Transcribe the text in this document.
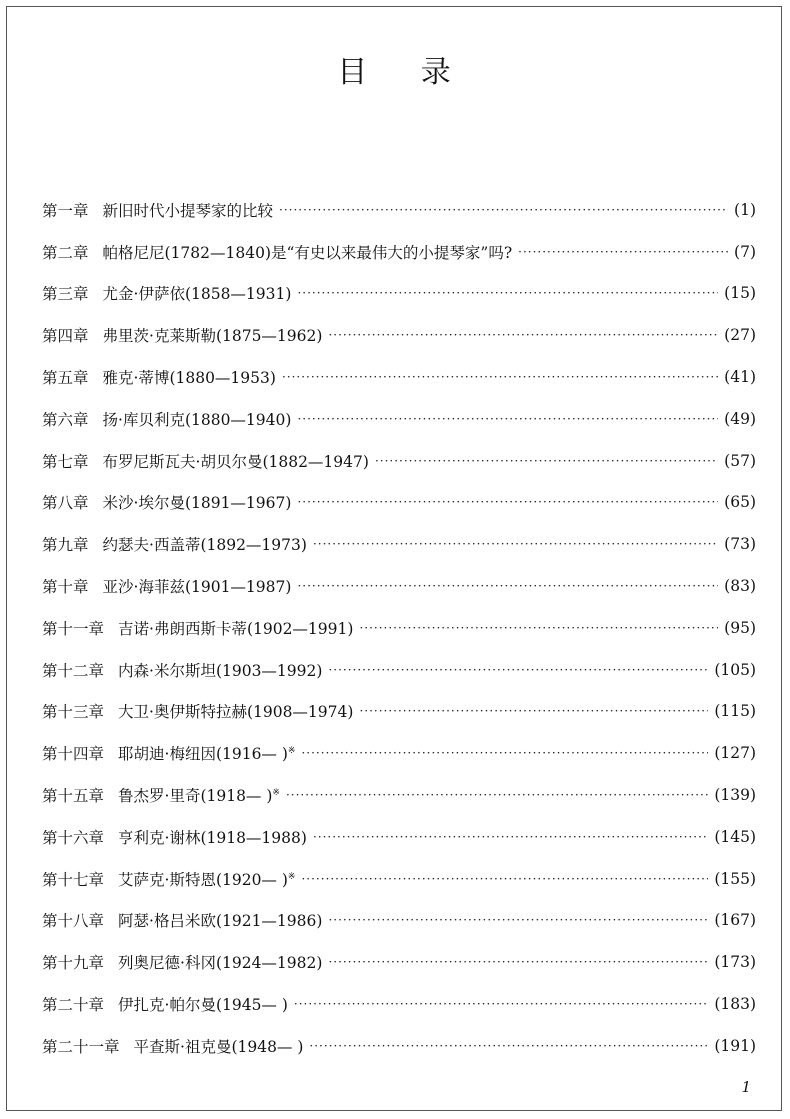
目 录
第一章 新旧时代小提琴家的比较 ·····	(1)
第二章 帕格尼尼(1782—1840)是“有史以来最伟大的小提琴家”吗? ·····	(7)
第三章 尤金·伊萨依(1858—1931) ·····	(15)
第四章 弗里茨·克莱斯勒(1875—1962) ·····	(27)
第五章 雅克·蒂博(1880—1953) ·····	(41)
第六章 扬·库贝利克(1880—1940) ·····	(49)
第七章 布罗尼斯瓦夫·胡贝尔曼(1882—1947) ·····	(57)
第八章 米沙·埃尔曼(1891—1967) ·····	(65)
第九章 约瑟夫·西盖蒂(1892—1973) ·····	(73)
第十章 亚沙·海菲兹(1901—1987) ·····	(83)
第十一章 吉诺·弗朗西斯卡蒂(1902—1991) ·····	(95)
第十二章 内森·米尔斯坦(1903—1992) ·····	(105)
第十三章 大卫·奥伊斯特拉赫(1908—1974) ·····	(115)
第十四章 耶胡迪·梅纽因(1916— )※ ·····	(127)
第十五章 鲁杰罗·里奇(1918— )※ ·····	(139)
第十六章 亨利克·谢林(1918—1988) ·····	(145)
第十七章 艾萨克·斯特恩(1920— )※ ·····	(155)
第十八章 阿瑟·格吕米欧(1921—1986) ·····	(167)
第十九章 列奥尼德·科冈(1924—1982) ·····	(173)
第二十章 伊扎克·帕尔曼(1945— ) ·····	(183)
第二十一章 平查斯·祖克曼(1948— ) ·····	(191)
1
